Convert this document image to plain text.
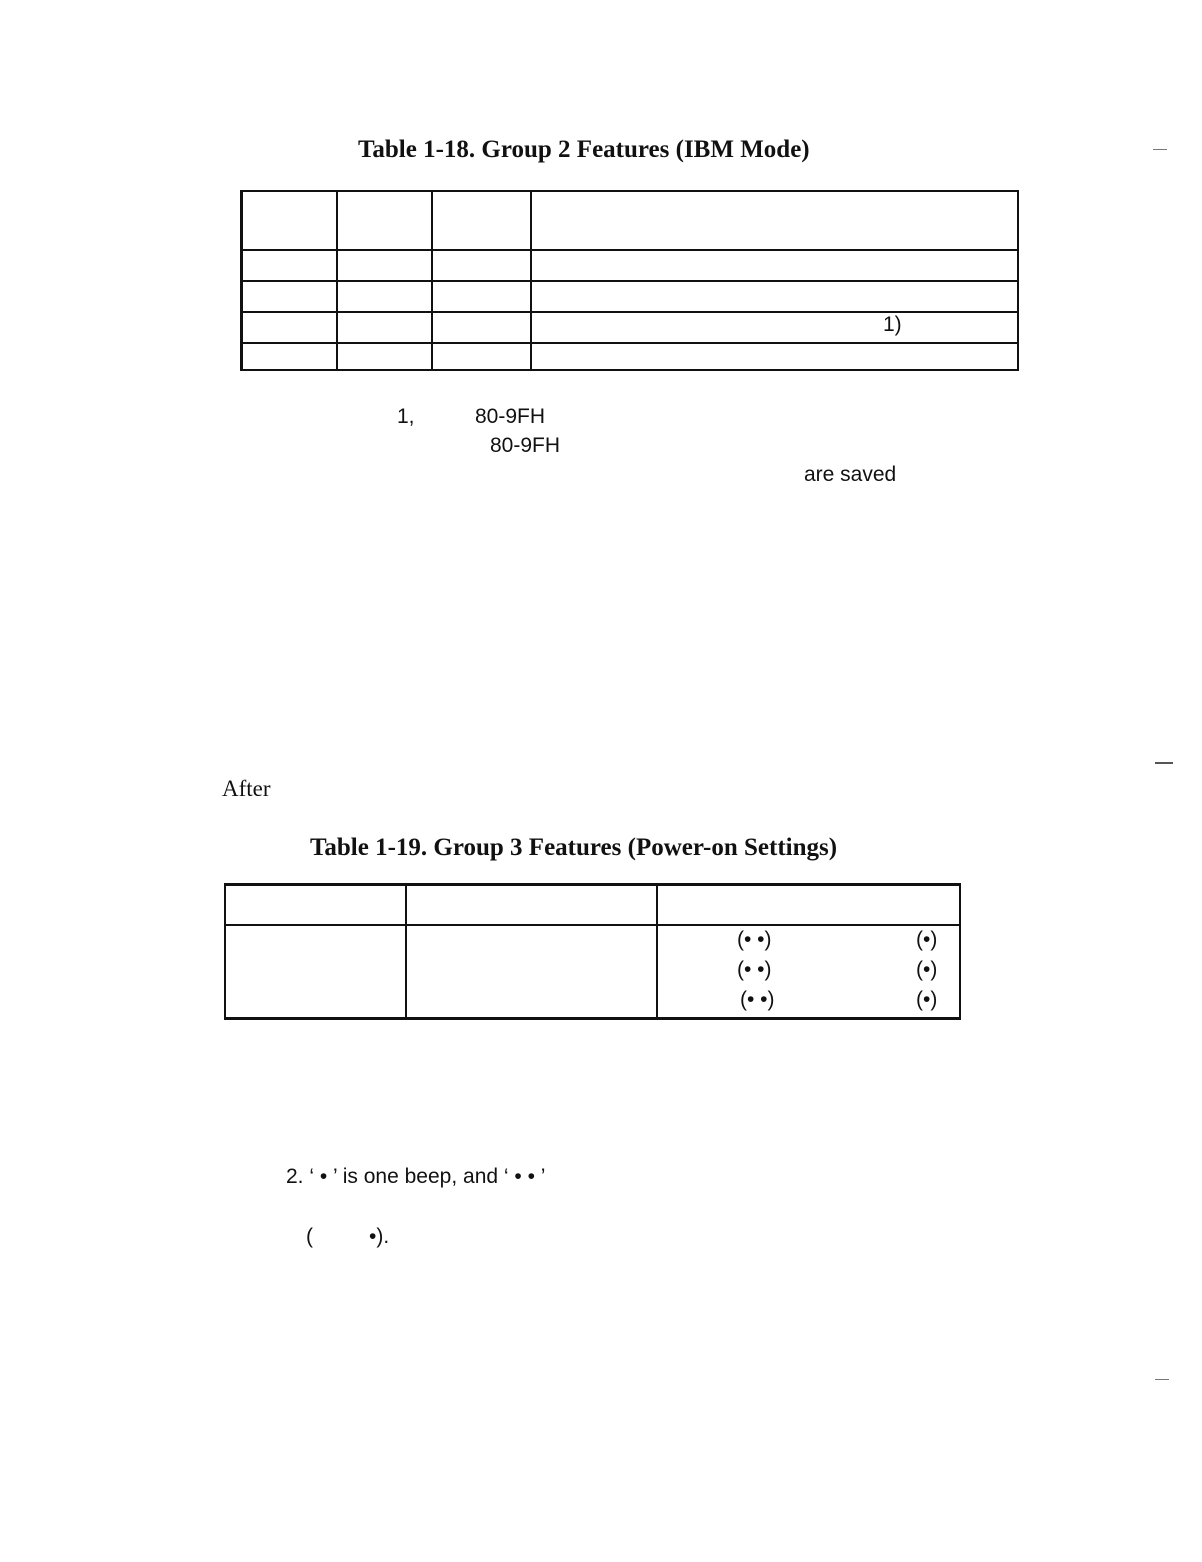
Table 1-18. Group 2 Features (IBM Mode)
1)
1,	80-9FH
80-9FH
are saved
After
Table 1-19. Group 3 Features (Power-on Settings)
(• •)
(• •)
(• •)
(•)
(•)
(•)
2. ‘ • ’ is one beep, and ‘ • • ’
(	•).
